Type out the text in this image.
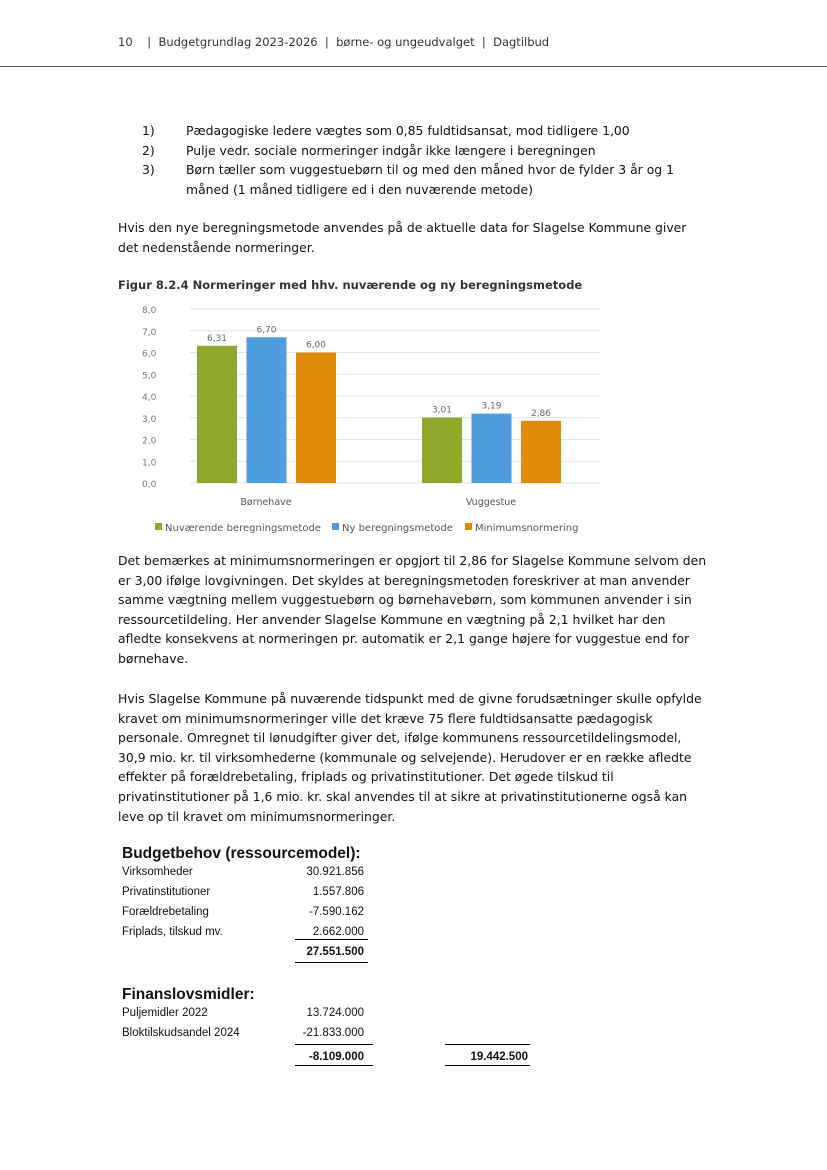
10    |  Budgetgrundlag 2023-2026  |  børne- og ungeudvalget  |  Dagtilbud
1)	Pædagogiske ledere vægtes som 0,85 fuldtidsansat, mod tidligere 1,00
2)	Pulje vedr. sociale normeringer indgår ikke længere i beregningen
3)	Børn tæller som vuggestuebørn til og med den måned hvor de fylder 3 år og 1 måned (1 måned tidligere ed i den nuværende metode)
Hvis den nye beregningsmetode anvendes på de aktuelle data for Slagelse Kommune giver det nedenstående normeringer.
Figur 8.2.4 Normeringer med hhv. nuværende og ny beregningsmetode
0,0
1,0
2,0
3,0
4,0
5,0
6,0
7,0
8,0
6,31
6,70
6,00
Børnehave
3,01	3,19
2,86
Vuggestue
Nuværende beregningsmetode Ny beregningsmetode Minimumsnormering
Det bemærkes at minimumsnormeringen er opgjort til 2,86 for Slagelse Kommune selvom den er 3,00 ifølge lovgivningen. Det skyldes at beregningsmetoden foreskriver at man anvender samme vægtning mellem vuggestuebørn og børnehavebørn, som kommunen anvender i sin ressourcetildeling. Her anvender Slagelse Kommune en vægtning på 2,1 hvilket har den afledte konsekvens at normeringen pr. automatik er 2,1 gange højere for vuggestue end for børnehave.
Hvis Slagelse Kommune på nuværende tidspunkt med de givne forudsætninger skulle opfylde kravet om minimumsnormeringer ville det kræve 75 flere fuldtidsansatte pædagogisk personale. Omregnet til lønudgifter giver det, ifølge kommunens ressourcetildelingsmodel, 30,9 mio. kr. til virksomhederne (kommunale og selvejende). Herudover er en række afledte effekter på forældrebetaling, friplads og privatinstitutioner. Det øgede tilskud til privatinstitutioner på 1,6 mio. kr. skal anvendes til at sikre at privatinstitutionerne også kan leve op til kravet om minimumsnormeringer.
Budgetbehov (ressourcemodel):
Finanslovsmidler:
Virksomheder	30.921.856
Privatinstitutioner	1.557.806
Forældrebetaling	-7.590.162
Friplads, tilskud mv.	2.662.000
27.551.500
Puljemidler 2022	13.724.000
Bloktilskudsandel 2024	-21.833.000
-8.109.000	19.442.500
